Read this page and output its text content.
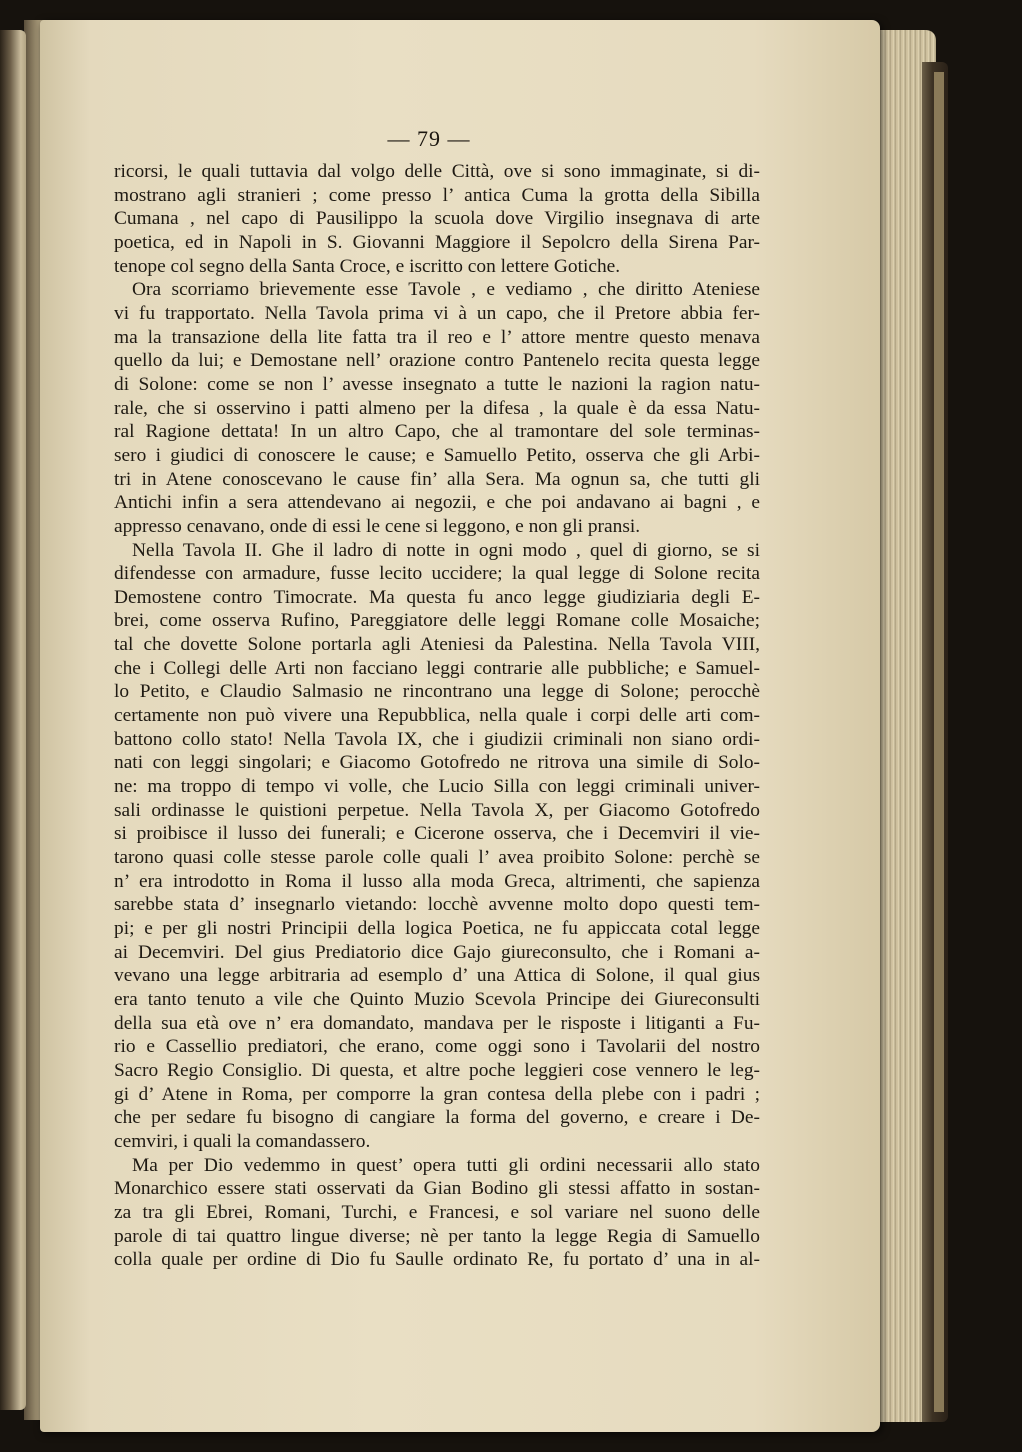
— 79 —
ricorsi, le quali tuttavia dal volgo delle Città, ove si sono immaginate, si di-
mostrano agli stranieri ; come presso l’ antica Cuma la grotta della Sibilla
Cumana , nel capo di Pausilippo la scuola dove Virgilio insegnava di arte
poetica, ed in Napoli in S. Giovanni Maggiore il Sepolcro della Sirena Par-
tenope col segno della Santa Croce, e iscritto con lettere Gotiche.
Ora scorriamo brievemente esse Tavole , e vediamo , che diritto Ateniese
vi fu trapportato. Nella Tavola prima vi à un capo, che il Pretore abbia fer-
ma la transazione della lite fatta tra il reo e l’ attore mentre questo menava
quello da lui; e Demostane nell’ orazione contro Pantenelo recita questa legge
di Solone: come se non l’ avesse insegnato a tutte le nazioni la ragion natu-
rale, che si osservino i patti almeno per la difesa , la quale è da essa Natu-
ral Ragione dettata! In un altro Capo, che al tramontare del sole terminas-
sero i giudici di conoscere le cause; e Samuello Petito, osserva che gli Arbi-
tri in Atene conoscevano le cause fin’ alla Sera. Ma ognun sa, che tutti gli
Antichi infin a sera attendevano ai negozii, e che poi andavano ai bagni , e
appresso cenavano, onde di essi le cene si leggono, e non gli pransi.
Nella Tavola II. Ghe il ladro di notte in ogni modo , quel di giorno, se si
difendesse con armadure, fusse lecito uccidere; la qual legge di Solone recita
Demostene contro Timocrate. Ma questa fu anco legge giudiziaria degli E-
brei, come osserva Rufino, Pareggiatore delle leggi Romane colle Mosaiche;
tal che dovette Solone portarla agli Ateniesi da Palestina. Nella Tavola VIII,
che i Collegi delle Arti non facciano leggi contrarie alle pubbliche; e Samuel-
lo Petito, e Claudio Salmasio ne rincontrano una legge di Solone; perocchè
certamente non può vivere una Repubblica, nella quale i corpi delle arti com-
battono collo stato! Nella Tavola IX, che i giudizii criminali non siano ordi-
nati con leggi singolari; e Giacomo Gotofredo ne ritrova una simile di Solo-
ne: ma troppo di tempo vi volle, che Lucio Silla con leggi criminali univer-
sali ordinasse le quistioni perpetue. Nella Tavola X, per Giacomo Gotofredo
si proibisce il lusso dei funerali; e Cicerone osserva, che i Decemviri il vie-
tarono quasi colle stesse parole colle quali l’ avea proibito Solone: perchè se
n’ era introdotto in Roma il lusso alla moda Greca, altrimenti, che sapienza
sarebbe stata d’ insegnarlo vietando: locchè avvenne molto dopo questi tem-
pi; e per gli nostri Principii della logica Poetica, ne fu appiccata cotal legge
ai Decemviri. Del gius Prediatorio dice Gajo giureconsulto, che i Romani a-
vevano una legge arbitraria ad esemplo d’ una Attica di Solone, il qual gius
era tanto tenuto a vile che Quinto Muzio Scevola Principe dei Giureconsulti
della sua età ove n’ era domandato, mandava per le risposte i litiganti a Fu-
rio e Cassellio prediatori, che erano, come oggi sono i Tavolarii del nostro
Sacro Regio Consiglio. Di questa, et altre poche leggieri cose vennero le leg-
gi d’ Atene in Roma, per comporre la gran contesa della plebe con i padri ;
che per sedare fu bisogno di cangiare la forma del governo, e creare i De-
cemviri, i quali la comandassero.
Ma per Dio vedemmo in quest’ opera tutti gli ordini necessarii allo stato
Monarchico essere stati osservati da Gian Bodino gli stessi affatto in sostan-
za tra gli Ebrei, Romani, Turchi, e Francesi, e sol variare nel suono delle
parole di tai quattro lingue diverse; nè per tanto la legge Regia di Samuello
colla quale per ordine di Dio fu Saulle ordinato Re, fu portato d’ una in al-
